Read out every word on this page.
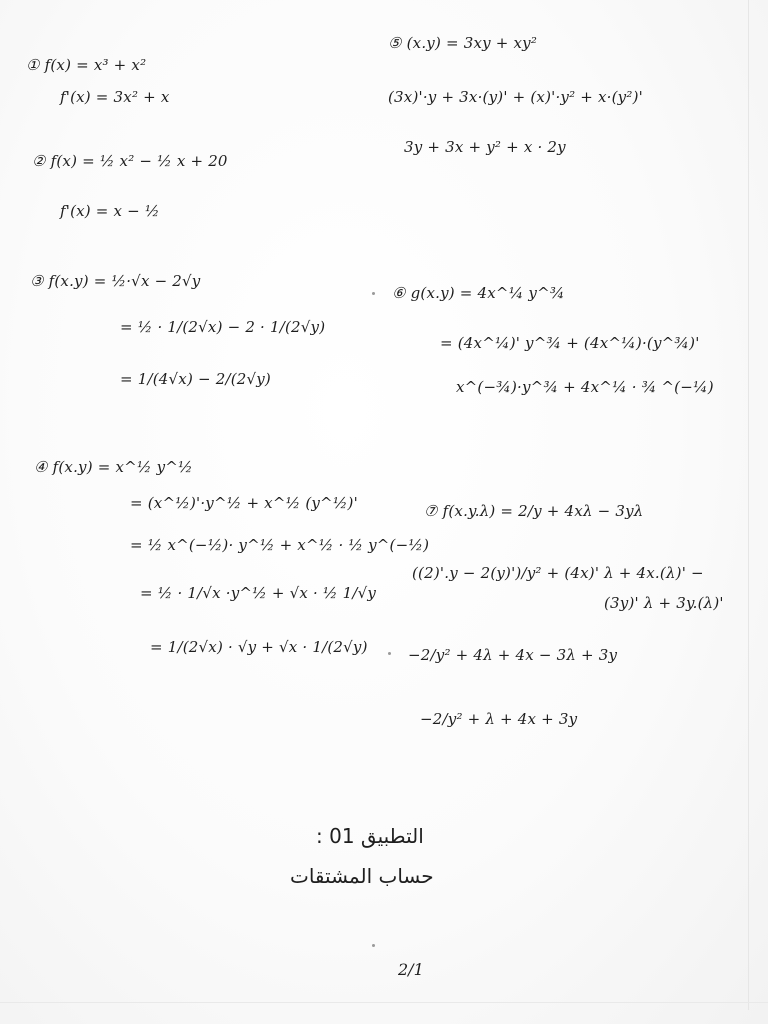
① f(x) = x³ + x²
f'(x) = 3x² + x
② f(x) = ½ x² − ½ x + 20
f'(x) = x − ½
③ f(x.y) = ½·√x − 2√y
= ½ · 1/(2√x) − 2 · 1/(2√y)
= 1/(4√x) − 2/(2√y)
④ f(x.y) = x^½ y^½
= (x^½)'·y^½ + x^½ (y^½)'
= ½ x^(−½)· y^½ + x^½ · ½ y^(−½)
= ½ · 1/√x ·y^½ + √x · ½ 1/√y
= 1/(2√x) · √y + √x · 1/(2√y)
⑤ (x.y) = 3xy + xy²
(3x)'·y + 3x·(y)' + (x)'·y² + x·(y²)'
3y + 3x + y² + x · 2y
⑥ g(x.y) = 4x^¼ y^¾
= (4x^¼)' y^¾ + (4x^¼)·(y^¾)'
x^(−¾)·y^¾ + 4x^¼ · ¾ ^(−¼)
⑦ f(x.y.λ) = 2/y + 4xλ − 3yλ
((2)'.y − 2(y)')/y² + (4x)' λ + 4x.(λ)' −
(3y)' λ + 3y.(λ)'
−2/y² + 4λ + 4x − 3λ + 3y
−2/y² + λ + 4x + 3y
التطبيق 01 :
حساب المشتقات
2/1
